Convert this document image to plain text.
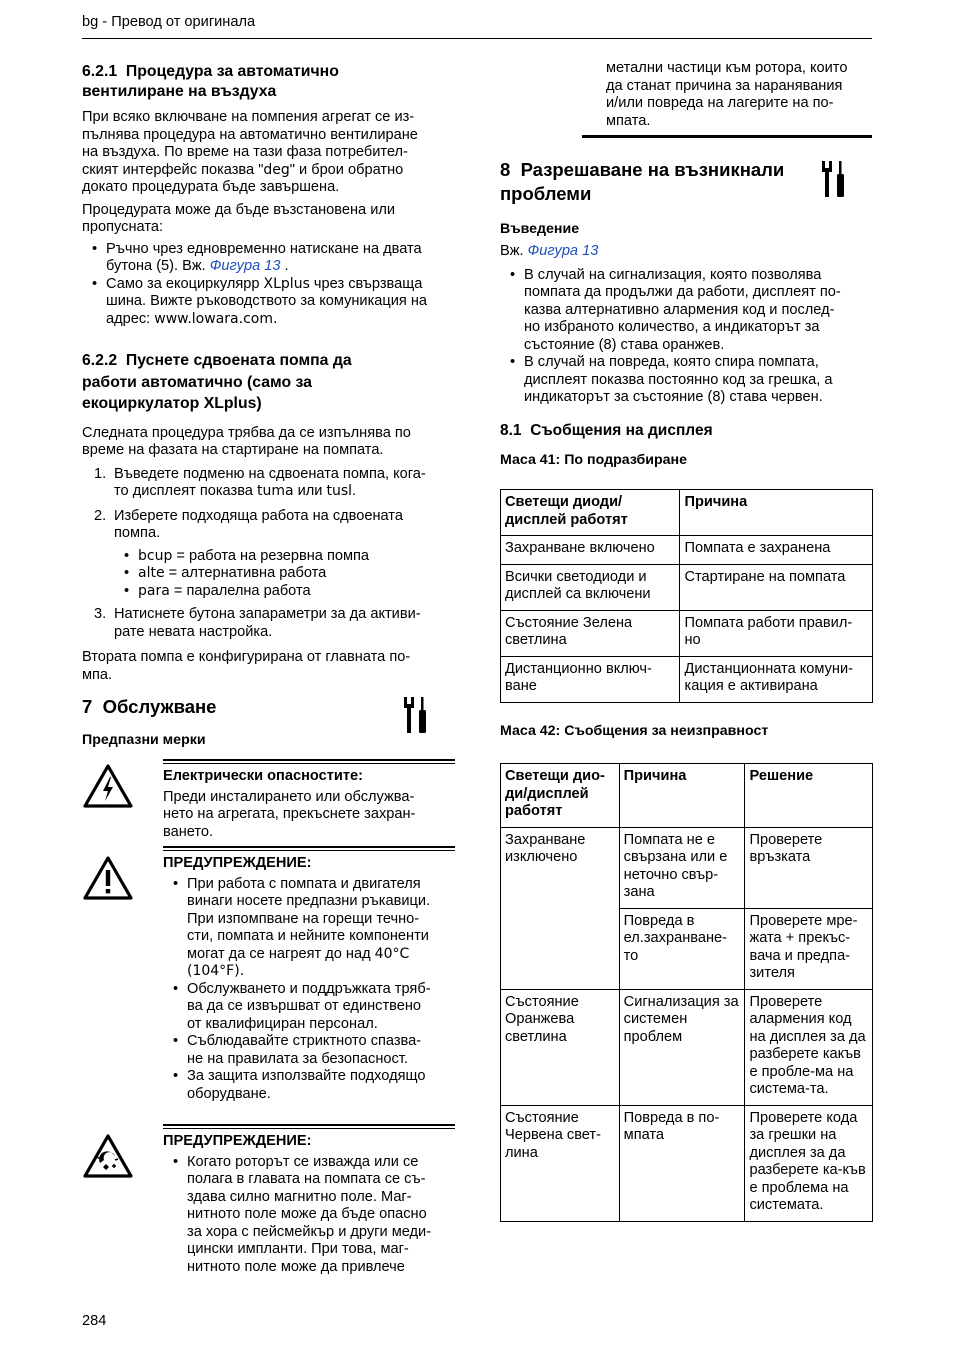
bg - Превод от оригинала
6.2.1 Процедура за автоматично
вентилиране на въздуха
При всяко включване на помпения агрегат се из-
пълнява процедура на автоматично вентилиране
на въздуха. По време на тази фаза потребител-
ският интерфейс показва "deg" и брои обратно
докато процедурата бъде завършена.
Процедурата може да бъде възстановена или
пропусната:
• Ръчно чрез едновременно натискане на двата
бутона (5). Вж. Фигура 13 .
• Само за екоциркулярр XLplus чрез свързваща
шина. Вижте ръководството за комуникация на
адрес: www.lowara.com.
6.2.2 Пуснете сдвоената помпа да
работи автоматично (само за
екоциркулатор XLplus)
Следната процедура трябва да се изпълнява по
време на фазата на стартиране на помпата.
1. Въведете подменю на сдвоената помпа, кога-
то дисплеят показва tuma или tusl.
2. Изберете подходяща работа на сдвоената
помпа.
• bcup = работа на резервна помпа
• alte = алтернативна работа
• para = паралелна работа
3. Натиснете бутона запараметри за да активи-
рате невата настройка.
Втората помпа е конфигурирана от главната по-
мпа.
7 Обслужване
Предпазни мерки
Електрически опасностите:
Преди инсталирането или обслужва-
нето на агрегата, прекъснете захран-
ването.
ПРЕДУПРЕЖДЕНИЕ:
• При работа с помпата и двигателя
винаги носете предпазни ръкавици.
При изпомпване на горещи течно-
сти, помпата и нейните компоненти
могат да се нагреят до над 40°C
(104°F).
• Обслужването и поддръжката тряб-
ва да се извършват от единствено
от квалифициран персонал.
• Съблюдавайте стриктното спазва-
не на правилата за безопасност.
• За защита използвайте подходящо
оборудване.
ПРЕДУПРЕЖДЕНИЕ:
• Когато роторът се изважда или се
полага в главата на помпата се съ-
здава силно магнитно поле. Маг-
нитното поле може да бъде опасно
за хора с пейсмейкър и други меди-
цински импланти. При това, маг-
нитното поле може да привлече
метални частици към ротора, които
да станат причина за наранявания
и/или повреда на лагерите на по-
мпата.
8 Разрешаване на възникнали
проблеми
Въведение
Вж. Фигура 13
• В случай на сигнализация, която позволява
помпата да продължи да работи, дисплеят по-
казва алтернативно алармения код и послед-
но избраното количество, а индикаторът за
състояние (8) става оранжев.
• В случай на повреда, която спира помпата,
дисплеят показва постоянно код за грешка, а
индикаторът за състояние (8) става червен.
8.1 Съобщения на дисплея
Маса 41: По подразбиране
Светещи диоди/ дисплей работят	Причина
Захранване включено	Помпата е захранена
Всички светодиоди и дисплей са включени	Стартиране на помпата
Състояние Зелена светлина	Помпата работи правил-но
Дистанционно включ-ване	Дистанционната комуни-кация е активирана
Маса 42: Съобщения за неизправност
Светещи дио-ди/дисплей работят	Причина	Решение
Захранване изключено	Помпата не е свързана или е неточно свър-зана	Проверете връзката
	Повреда в ел.захранване-то	Проверете мре-жата + прекъс-вача и предпа-зителя
Състояние Оранжева светлина	Сигнализация за системен проблем	Проверете алармения код на дисплея за да разберете какъв е пробле-ма на система-та.
Състояние Червена свет-лина	Повреда в по-мпата	Проверете кода за грешки на дисплея за да разберете ка-къв е проблема на системата.
284
